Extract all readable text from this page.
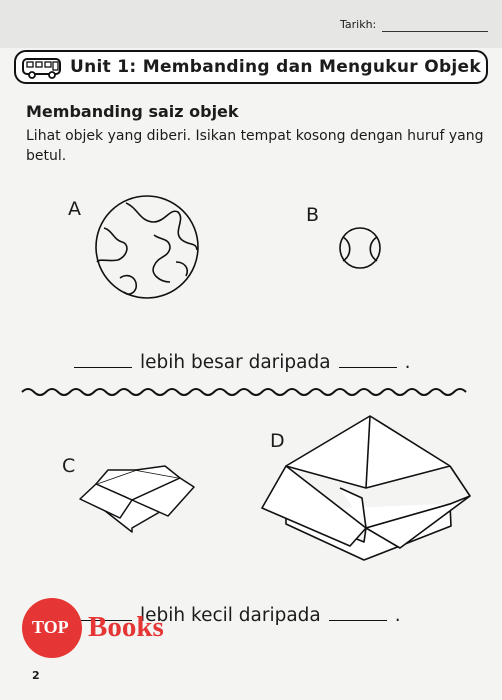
Tarikh:
Unit 1: Membanding dan Mengukur Objek
Membanding saiz objek
Lihat objek yang diberi. Isikan tempat kosong dengan huruf yang betul.
A	B
lebih besar daripada	.
C
D
lebih kecil daripada	.
TOP Books
2
